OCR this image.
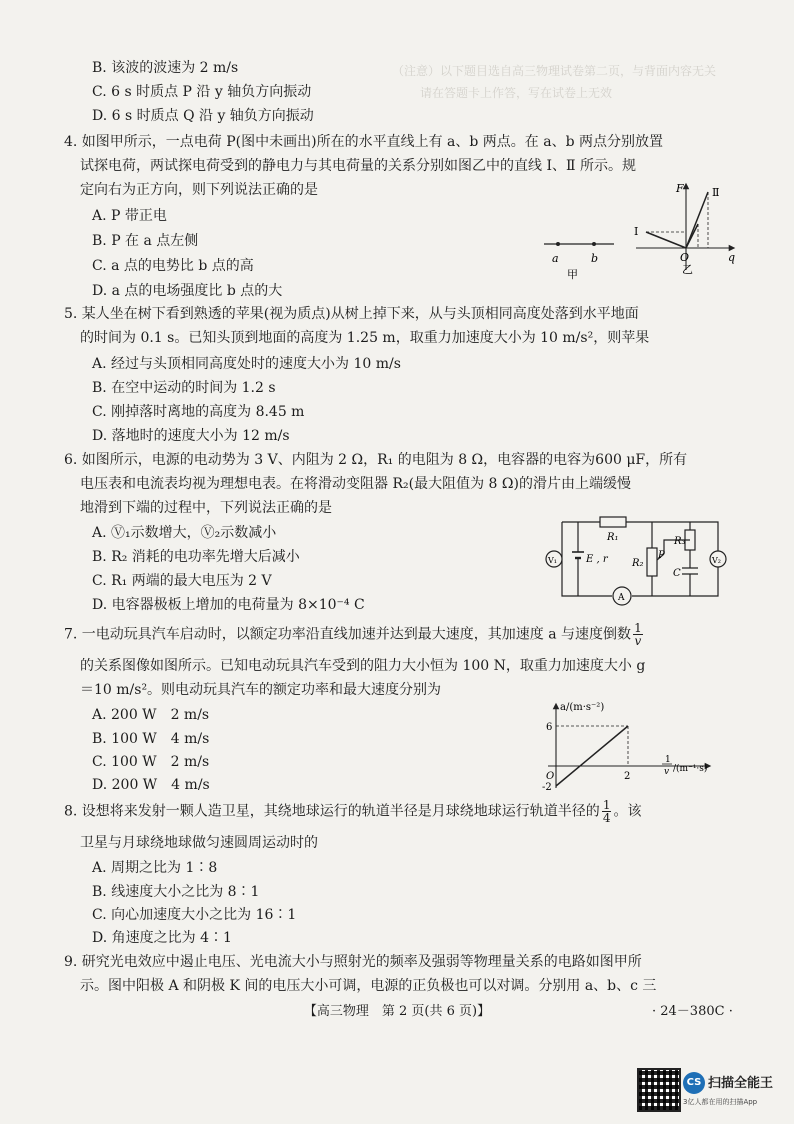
（注意）以下题目选自高三物理试卷第二页，与背面内容无关
请在答题卡上作答，写在试卷上无效
B. 该波的波速为 2 m/s
C. 6 s 时质点 P 沿 y 轴负方向振动
D. 6 s 时质点 Q 沿 y 轴负方向振动
4. 如图甲所示，一点电荷 P(图中未画出)所在的水平直线上有 a、b 两点。在 a、b 两点分别放置
试探电荷，两试探电荷受到的静电力与其电荷量的关系分别如图乙中的直线 Ⅰ、Ⅱ 所示。规
定向右为正方向，则下列说法正确的是
A. P 带正电
B. P 在 a 点左侧
C. a 点的电势比 b 点的高
D. a 点的电场强度比 b 点的大
a	b
甲
Ⅰ
Ⅱ
F
O	q
乙
5. 某人坐在树下看到熟透的苹果(视为质点)从树上掉下来，从与头顶相同高度处落到水平地面
的时间为 0.1 s。已知头顶到地面的高度为 1.25 m，取重力加速度大小为 10 m/s²，则苹果
A. 经过与头顶相同高度处时的速度大小为 10 m/s
B. 在空中运动的时间为 1.2 s
C. 刚掉落时离地的高度为 8.45 m
D. 落地时的速度大小为 12 m/s
6. 如图所示，电源的电动势为 3 V、内阻为 2 Ω，R₁ 的电阻为 8 Ω，电容器的电容为600 μF，所有
电压表和电流表均视为理想电表。在将滑动变阻器 R₂(最大阻值为 8 Ω)的滑片由上端缓慢
地滑到下端的过程中，下列说法正确的是
A. Ⓥ₁示数增大，Ⓥ₂示数减小
B. R₂ 消耗的电功率先增大后减小
C. R₁ 两端的最大电压为 2 V
D. 电容器极板上增加的电荷量为 8×10⁻⁴ C
R₁
R₂
R₃
P
E , r
C
V₁	V₂
A
7. 一电动玩具汽车启动时，以额定功率沿直线加速并达到最大速度，其加速度 a 与速度倒数 $\frac{1}{v}$
的关系图像如图所示。已知电动玩具汽车受到的阻力大小恒为 100 N，取重力加速度大小 g
＝10 m/s²。则电动玩具汽车的额定功率和最大速度分别为
A. 200 W　2 m/s
B. 100 W　4 m/s
C. 100 W　2 m/s
D. 200 W　4 m/s
a/(m·s⁻²)
6
-2
O	2
1
v /(m⁻¹·s)
8. 设想将来发射一颗人造卫星，其绕地球运行的轨道半径是月球绕地球运行轨道半径的 $\frac{1}{4}$ 。该
卫星与月球绕地球做匀速圆周运动时的
A. 周期之比为 1∶8
B. 线速度大小之比为 8∶1
C. 向心加速度大小之比为 16∶1
D. 角速度之比为 4∶1
9. 研究光电效应中遏止电压、光电流大小与照射光的频率及强弱等物理量关系的电路如图甲所
示。图中阳极 A 和阴极 K 间的电压大小可调，电源的正负极也可以对调。分别用 a、b、c 三
【高三物理　第 2 页(共 6 页)】	· 24－380C ·
CS 扫描全能王
3亿人都在用的扫描App
